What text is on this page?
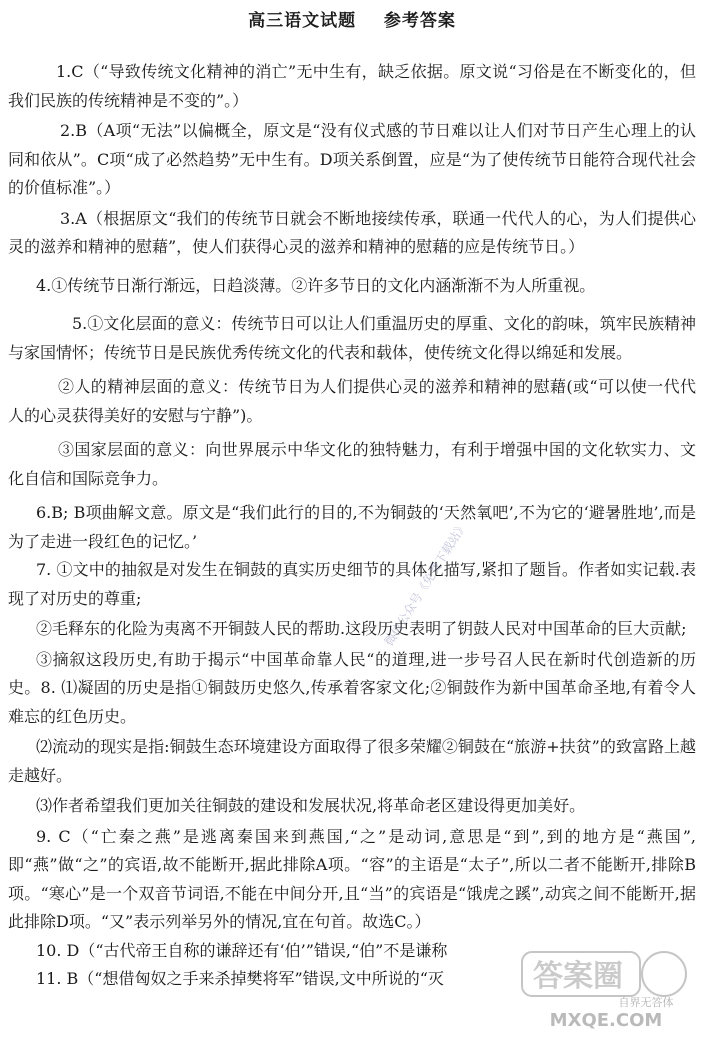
高三语文试题    参考答案

1.C（“导致传统文化精神的消亡”无中生有，缺乏依据。原文说“习俗是在不断变化的，但我们民族的传统精神是不变的”。）

2.B（A项“无法”以偏概全，原文是“没有仪式感的节日难以让人们对节日产生心理上的认同和依从”。C项“成了必然趋势”无中生有。D项关系倒置，应是“为了使传统节日能符合现代社会的价值标准”。）

3.A（根据原文“我们的传统节日就会不断地接续传承，联通一代代人的心，为人们提供心灵的滋养和精神的慰藉”，使人们获得心灵的滋养和精神的慰藉的应是传统节日。）

4.①传统节日渐行渐远，日趋淡薄。②许多节日的文化内涵渐渐不为人所重视。

5.①文化层面的意义：传统节日可以让人们重温历史的厚重、文化的韵味，筑牢民族精神与家国情怀；传统节日是民族优秀传统文化的代表和载体，使传统文化得以绵延和发展。

②人的精神层面的意义：传统节日为人们提供心灵的滋养和精神的慰藉(或“可以使一代代人的心灵获得美好的安慰与宁静”)。

③国家层面的意义：向世界展示中华文化的独特魅力，有利于增强中国的文化软实力、文化自信和国际竞争力。

6.B; B项曲解文意。原文是“我们此行的目的,不为铜鼓的‘天然氧吧’,不为它的‘避暑胜地’,而是为了走进一段红色的记忆。’

7. ①文中的抽叙是对发生在铜鼓的真实历史细节的具体化描写,紧扣了题旨。作者如实记载.表现了对历史的尊重;

②毛释东的化险为夷离不开铜鼓人民的帮助.这段历史表明了钥鼓人民对中国革命的巨大贡献;

③摘叙这段历史,有助于揭示“中国革命靠人民“的道理,进一步号召人民在新时代创造新的历史。8. ⑴凝固的历史是指①铜鼓历史悠久,传承着客家文化;②铜鼓作为新中国革命圣地,有着令人难忘的红色历史。

⑵流动的现实是指:铜鼓生态环境建设方面取得了很多荣耀②铜鼓在“旅游+扶贫”的致富路上越走越好。

⑶作者希望我们更加关往铜鼓的建设和发展状况,将革命老区建设得更加美好。

9. C（“亡秦之燕”是逃离秦国来到燕国,“之”是动词,意思是“到”,到的地方是“燕国”,即“燕”做“之”的宾语,故不能断开,据此排除A项。“容”的主语是“太子”,所以二者不能断开,排除B项。“寒心”是一个双音节词语,不能在中间分开,且“当”的宾语是“饿虎之蹊”,动宾之间不能断开,据此排除D项。“又”表示列举另外的情况,宜在句首。故选C。）

10. D（“古代帝王自称的谦辞还有‘伯’”错误,“伯”不是谦称

11. B（“想借匈奴之手来杀掉樊将军”错误,文中所说的“灭

微信公众号《免费下载站》
答案圈
自界无答体
MXQE.COM
